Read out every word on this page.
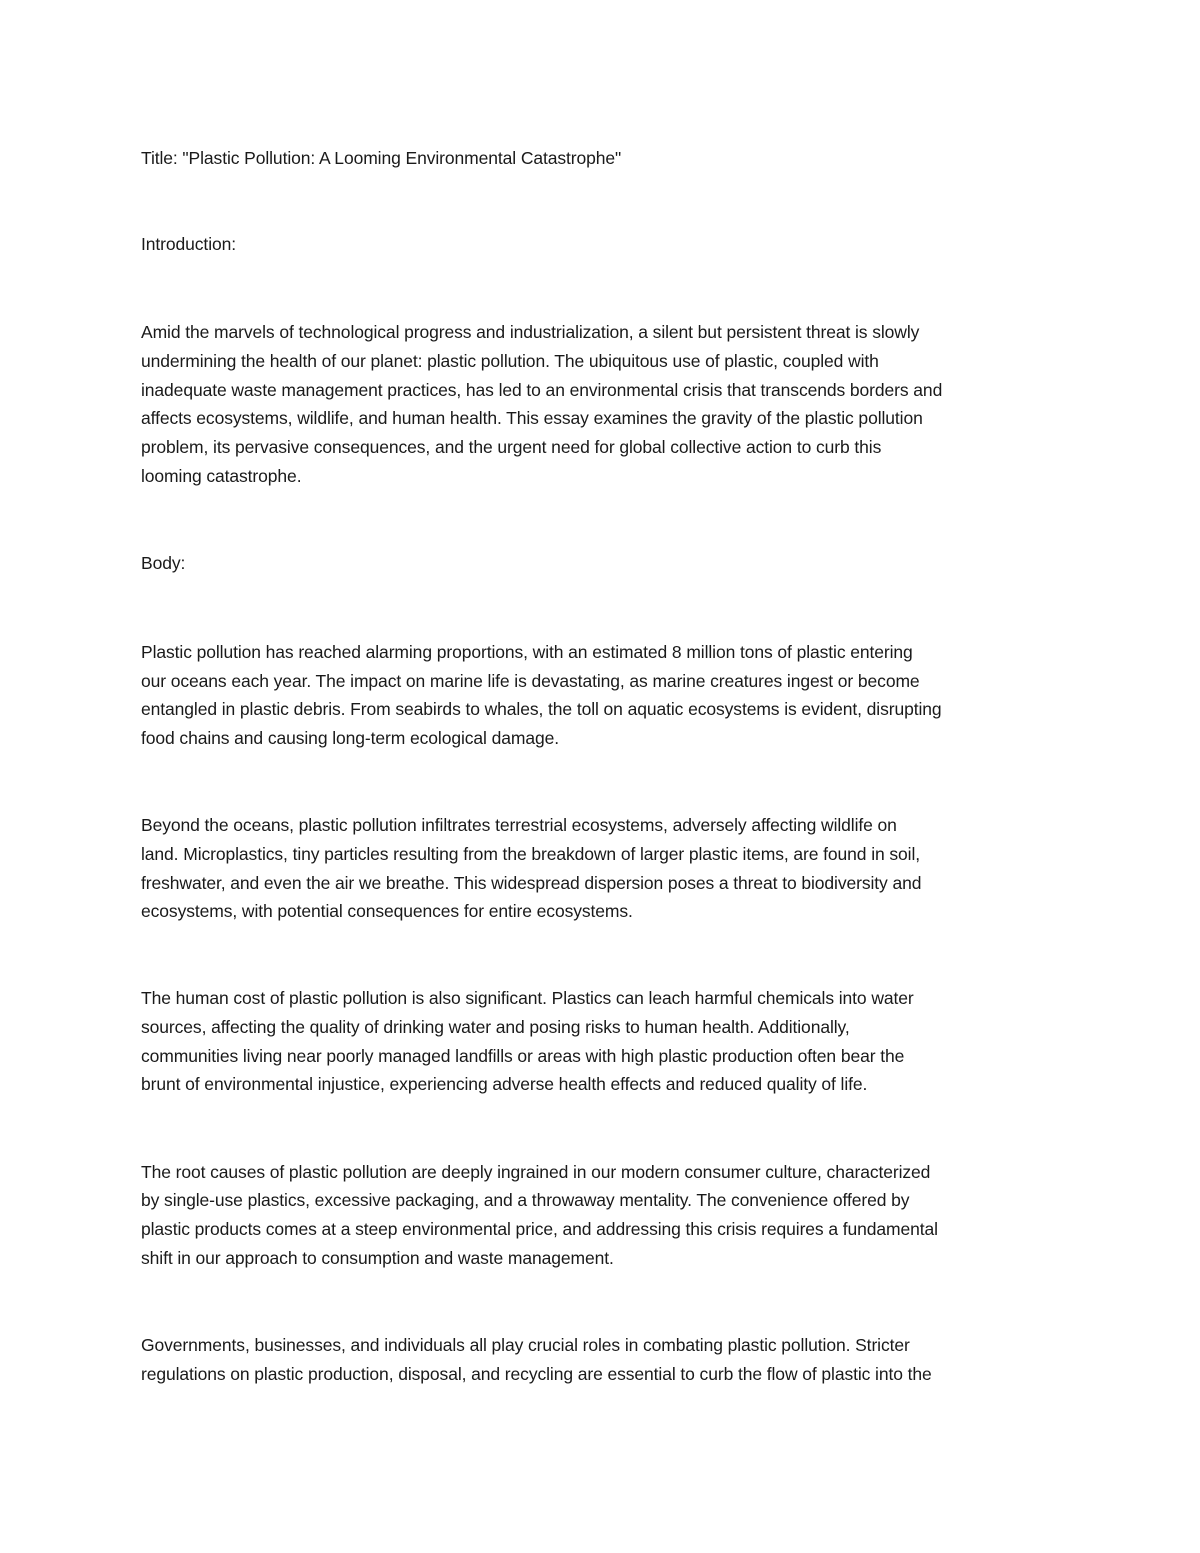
Title: "Plastic Pollution: A Looming Environmental Catastrophe"
Introduction:
Amid the marvels of technological progress and industrialization, a silent but persistent threat is slowly
undermining the health of our planet: plastic pollution. The ubiquitous use of plastic, coupled with
inadequate waste management practices, has led to an environmental crisis that transcends borders and
affects ecosystems, wildlife, and human health. This essay examines the gravity of the plastic pollution
problem, its pervasive consequences, and the urgent need for global collective action to curb this
looming catastrophe.
Body:
Plastic pollution has reached alarming proportions, with an estimated 8 million tons of plastic entering
our oceans each year. The impact on marine life is devastating, as marine creatures ingest or become
entangled in plastic debris. From seabirds to whales, the toll on aquatic ecosystems is evident, disrupting
food chains and causing long-term ecological damage.
Beyond the oceans, plastic pollution infiltrates terrestrial ecosystems, adversely affecting wildlife on
land. Microplastics, tiny particles resulting from the breakdown of larger plastic items, are found in soil,
freshwater, and even the air we breathe. This widespread dispersion poses a threat to biodiversity and
ecosystems, with potential consequences for entire ecosystems.
The human cost of plastic pollution is also significant. Plastics can leach harmful chemicals into water
sources, affecting the quality of drinking water and posing risks to human health. Additionally,
communities living near poorly managed landfills or areas with high plastic production often bear the
brunt of environmental injustice, experiencing adverse health effects and reduced quality of life.
The root causes of plastic pollution are deeply ingrained in our modern consumer culture, characterized
by single-use plastics, excessive packaging, and a throwaway mentality. The convenience offered by
plastic products comes at a steep environmental price, and addressing this crisis requires a fundamental
shift in our approach to consumption and waste management.
Governments, businesses, and individuals all play crucial roles in combating plastic pollution. Stricter
regulations on plastic production, disposal, and recycling are essential to curb the flow of plastic into the
